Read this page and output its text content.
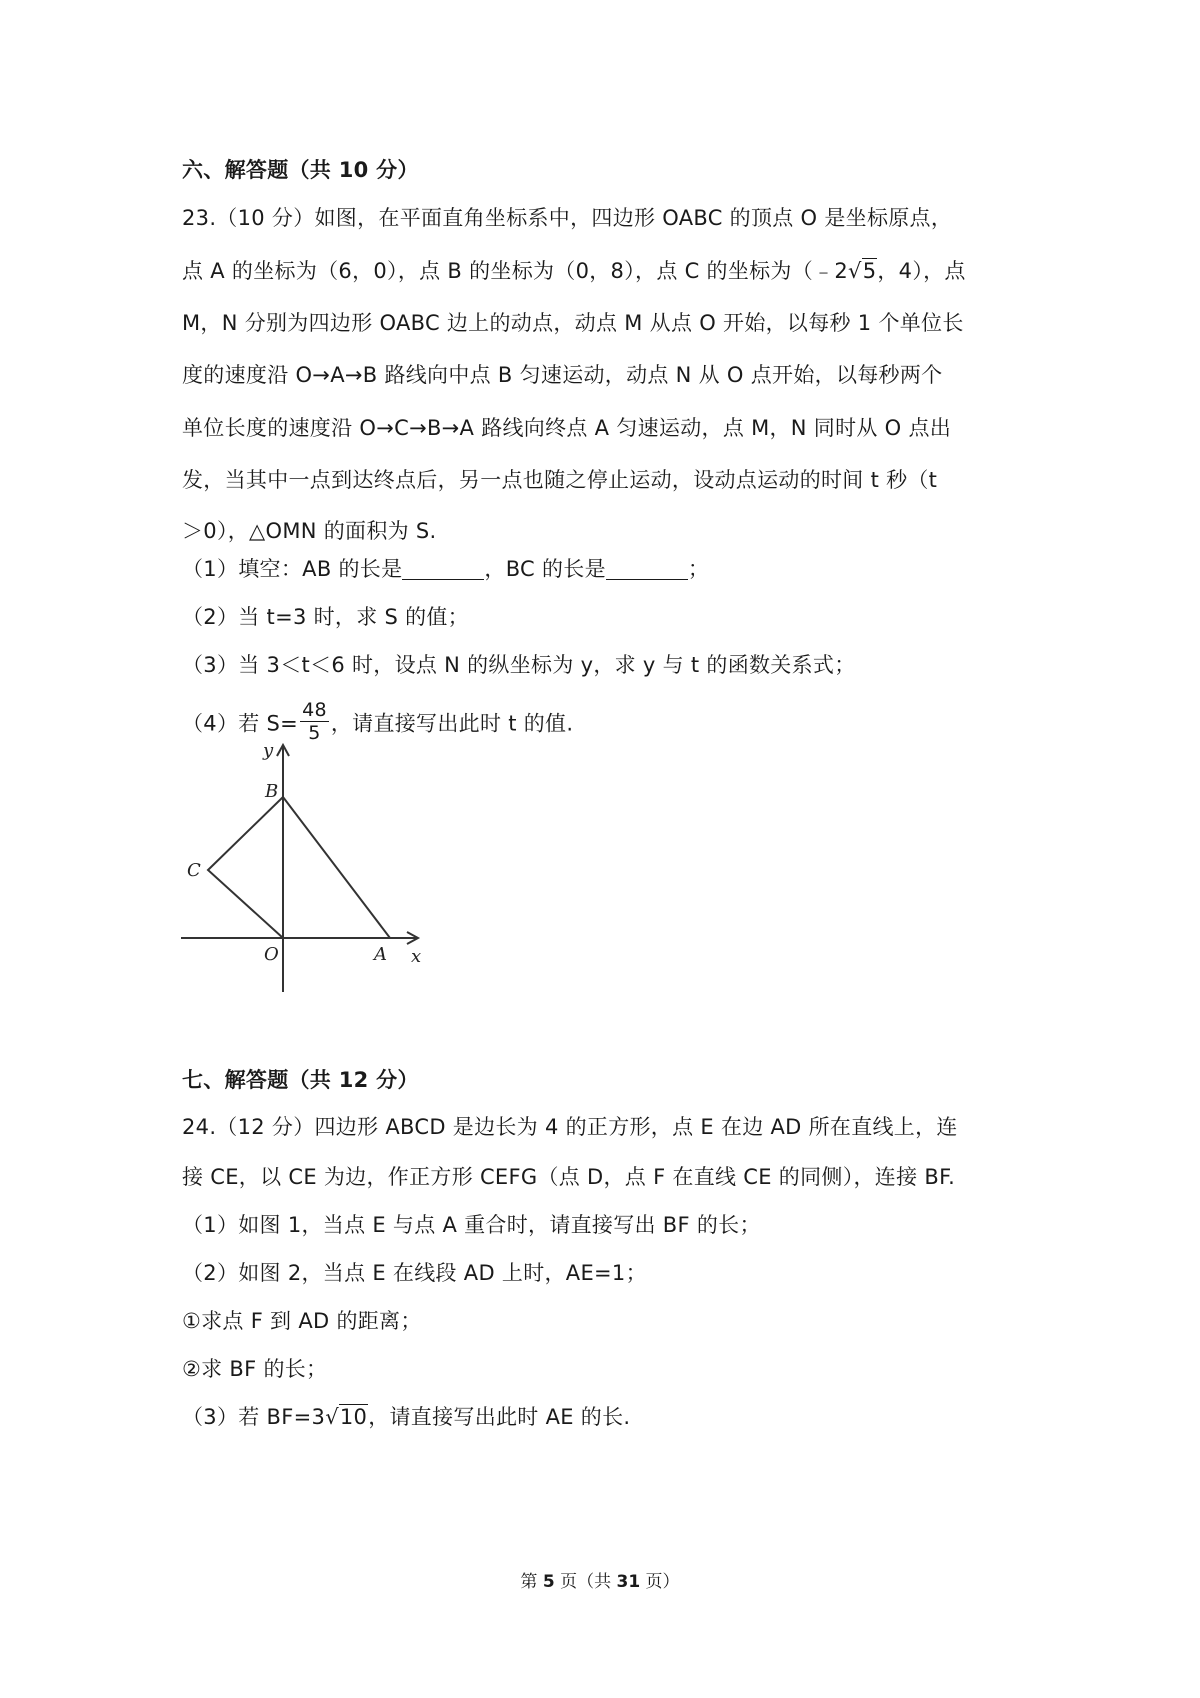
六、解答题（共 10 分）
23.（10 分）如图，在平面直角坐标系中，四边形 OABC 的顶点 O 是坐标原点，
点 A 的坐标为（6，0），点 B 的坐标为（0，8），点 C 的坐标为（﹣2√5，4），点
M，N 分别为四边形 OABC 边上的动点，动点 M 从点 O 开始，以每秒 1 个单位长
度的速度沿 O→A→B 路线向中点 B 匀速运动，动点 N 从 O 点开始，以每秒两个
单位长度的速度沿 O→C→B→A 路线向终点 A 匀速运动，点 M，N 同时从 O 点出
发，当其中一点到达终点后，另一点也随之停止运动，设动点运动的时间 t 秒（t
＞0），△OMN 的面积为 S.
（1）填空：AB 的长是	，BC 的长是	；
（2）当 t=3 时，求 S 的值；
（3）当 3＜t＜6 时，设点 N 的纵坐标为 y，求 y 与 t 的函数关系式；
（4）若 $S= \frac{48}{5}$ ，请直接写出此时 t 的值.
y
B
C
O	A x
七、解答题（共 12 分）
24.（12 分）四边形 ABCD 是边长为 4 的正方形，点 E 在边 AD 所在直线上，连
接 CE，以 CE 为边，作正方形 CEFG（点 D，点 F 在直线 CE 的同侧），连接 BF.
（1）如图 1，当点 E 与点 A 重合时，请直接写出 BF 的长；
（2）如图 2，当点 E 在线段 AD 上时，AE=1；
①求点 F 到 AD 的距离；
②求 BF 的长；
（3）若 BF=3√10，请直接写出此时 AE 的长.
第 5 页（共 31 页）
